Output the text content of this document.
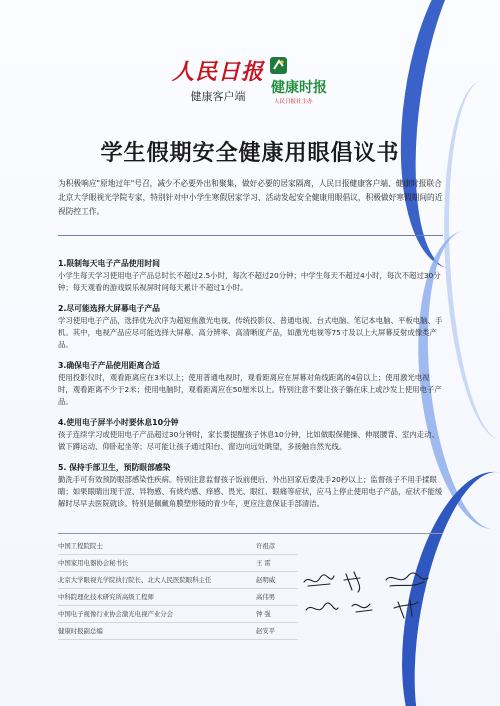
人民日报
健康客户端
健康时报
人民日报社主办
学生假期安全健康用眼倡议书
为积极响应"原地过年"号召，减少不必要外出和聚集，做好必要的居家隔离，人民日报健康客户端、健康时报联合北京大学眼视光学院专家，特别针对中小学生寒假居家学习、活动发起安全健康用眼倡议，积极做好寒假期间的近视防控工作。
1.限制每天电子产品使用时间
小学生每天学习使用电子产品总时长不超过2.5小时，每次不超过20分钟；中学生每天不超过4小时，每次不超过30分钟；每天观看的游戏娱乐视屏时间每天累计不超过1小时。
2.尽可能选择大屏幕电子产品
学习使用电子产品，选择优先次序为超短焦激光电视、传统投影仪、普通电视、台式电脑、笔记本电脑、平板电脑、手机。其中，电视产品应尽可能选择大屏幕、高分辨率、高清晰度产品，如激光电视等75寸及以上大屏幕反射成像类产品。
3.确保电子产品使用距离合适
使用投影仪时，观看距离应在3米以上；使用普通电视时，观看距离应在屏幕对角线距离的4倍以上；使用激光电视时，观看距离不少于2米；使用电脑时，观看距离应在50厘米以上。特别注意不要让孩子躺在床上或沙发上使用电子产品。
4.使用电子屏半小时要休息10分钟
孩子连续学习或使用电子产品超过30分钟时，家长要提醒孩子休息10分钟，比如做眼保健操、伸展腰背、室内走动、做下蹲运动、仰卧起坐等；尽可能让孩子通过阳台、窗边向远处眺望，多接触自然光线。
5. 保持手部卫生，预防眼部感染
勤洗手可有效预防眼部感染性疾病。特别注意监督孩子饭前便后、外出回家后要洗手20秒以上；监督孩子不用手揉眼睛；如果眼睛出现干涩、异物感、有烧灼感、痒感、畏光、眼红、眼痛等症状，应马上停止使用电子产品，症状不能缓解时尽早去医院就诊。特别是佩戴角膜塑形镜的青少年，更应注意保证手部清洁。
中国工程院院士	许祖彦
中国家用电器协会秘书长	王 雷
北京大学眼视光学院执行院长、北大人民医院眼科主任	赵明威
中科院理化技术研究所高级工程师	高伟男
中国电子视像行业协会激光电视产业分会	钟 强
健康时报副总编	赵安平
